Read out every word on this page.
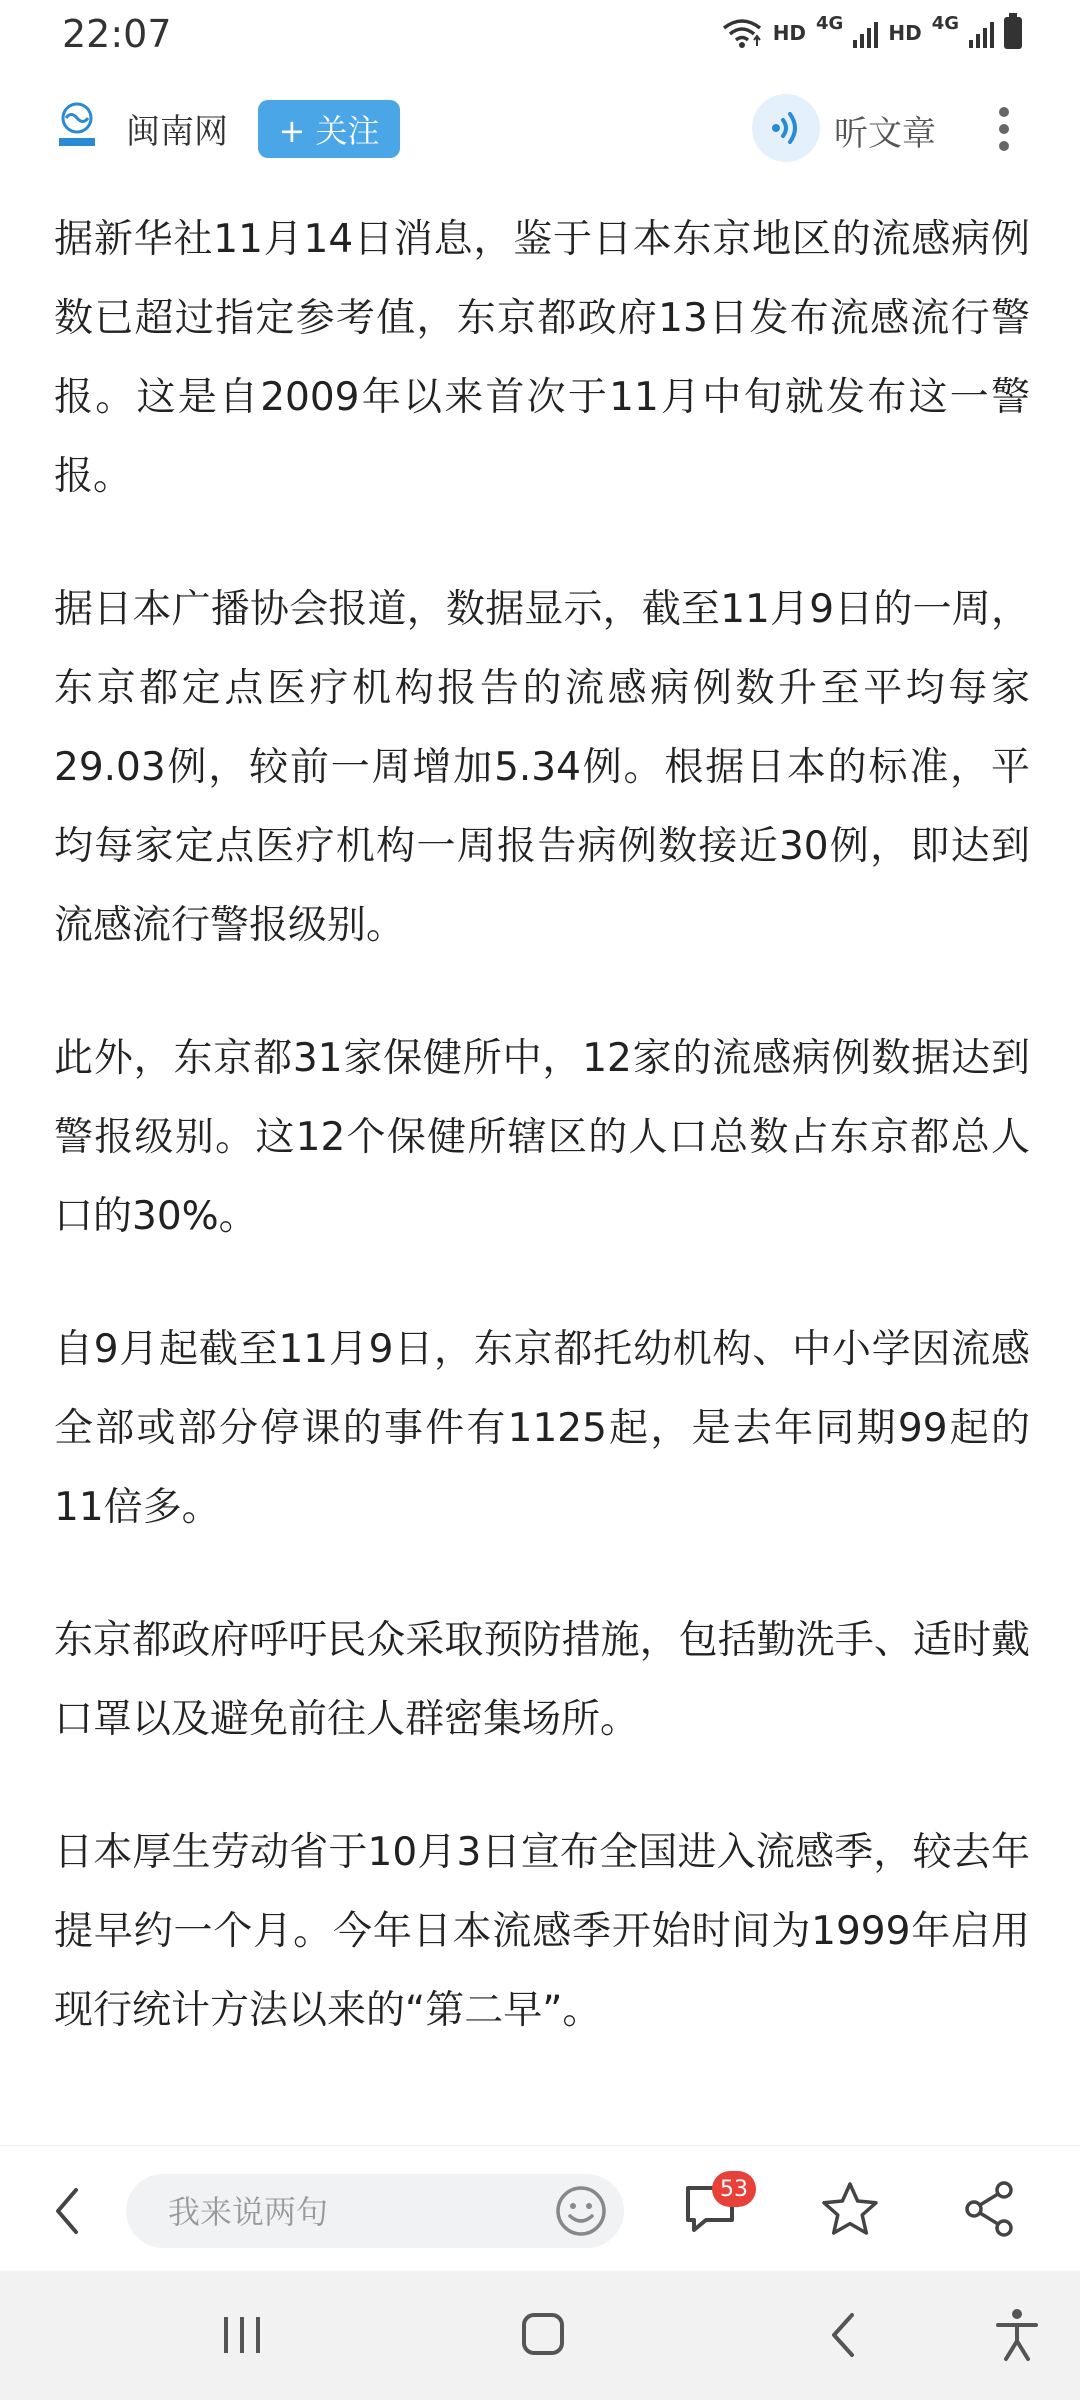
22:07	HD 4G HD 4G
闽南网	+ 关注	听文章

据新华社11月14日消息，鉴于日本东京地区的流感病例数已超过指定参考值，东京都政府13日发布流感流行警报。这是自2009年以来首次于11月中旬就发布这一警报。

据日本广播协会报道，数据显示，截至11月9日的一周，东京都定点医疗机构报告的流感病例数升至平均每家29.03例，较前一周增加5.34例。根据日本的标准，平均每家定点医疗机构一周报告病例数接近30例，即达到流感流行警报级别。

此外，东京都31家保健所中，12家的流感病例数据达到警报级别。这12个保健所辖区的人口总数占东京都总人口的30%。

自9月起截至11月9日，东京都托幼机构、中小学因流感全部或部分停课的事件有1125起，是去年同期99起的11倍多。

东京都政府呼吁民众采取预防措施，包括勤洗手、适时戴口罩以及避免前往人群密集场所。

日本厚生劳动省于10月3日宣布全国进入流感季，较去年提早约一个月。今年日本流感季开始时间为1999年启用现行统计方法以来的“第二早”。

我来说两句
53
